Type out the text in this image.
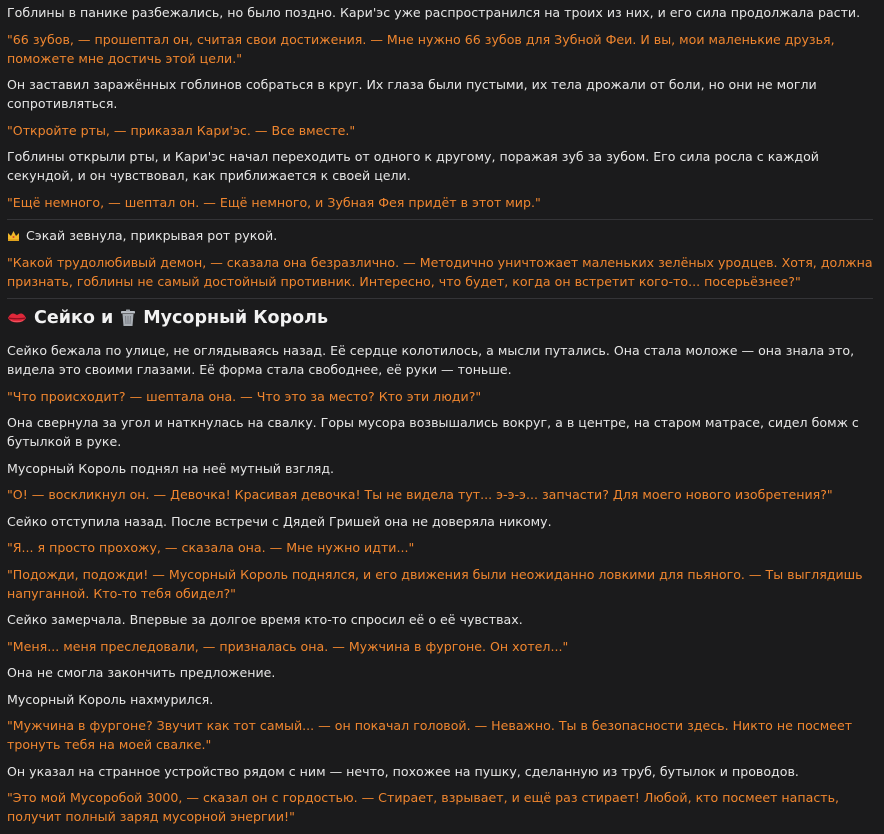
Гоблины в панике разбежались, но было поздно. Кари'эс уже распространился на троих из них, и его сила продолжала расти.

"66 зубов, — прошептал он, считая свои достижения. — Мне нужно 66 зубов для Зубной Феи. И вы, мои маленькие друзья, поможете мне достичь этой цели."

Он заставил заражённых гоблинов собраться в круг. Их глаза были пустыми, их тела дрожали от боли, но они не могли сопротивляться.

"Откройте рты, — приказал Кари'эс. — Все вместе."

Гоблины открыли рты, и Кари'эс начал переходить от одного к другому, поражая зуб за зубом. Его сила росла с каждой секундой, и он чувствовал, как приближается к своей цели.

"Ещё немного, — шептал он. — Ещё немного, и Зубная Фея придёт в этот мир."

Сэкай зевнула, прикрывая рот рукой.

"Какой трудолюбивый демон, — сказала она безразлично. — Методично уничтожает маленьких зелёных уродцев. Хотя, должна признать, гоблины не самый достойный противник. Интересно, что будет, когда он встретит кого-то... посерьёзнее?"

Сейко и Мусорный Король

Сейко бежала по улице, не оглядываясь назад. Её сердце колотилось, а мысли путались. Она стала моложе — она знала это, видела это своими глазами. Её форма стала свободнее, её руки — тоньше.

"Что происходит? — шептала она. — Что это за место? Кто эти люди?"

Она свернула за угол и наткнулась на свалку. Горы мусора возвышались вокруг, а в центре, на старом матрасе, сидел бомж с бутылкой в руке.

Мусорный Король поднял на неё мутный взгляд.

"О! — воскликнул он. — Девочка! Красивая девочка! Ты не видела тут... э-э-э... запчасти? Для моего нового изобретения?"

Сейко отступила назад. После встречи с Дядей Гришей она не доверяла никому.

"Я... я просто прохожу, — сказала она. — Мне нужно идти..."

"Подожди, подожди! — Мусорный Король поднялся, и его движения были неожиданно ловкими для пьяного. — Ты выглядишь напуганной. Кто-то тебя обидел?"

Сейко замерчала. Впервые за долгое время кто-то спросил её о её чувствах.

"Меня... меня преследовали, — призналась она. — Мужчина в фургоне. Он хотел..."

Она не смогла закончить предложение.

Мусорный Король нахмурился.

"Мужчина в фургоне? Звучит как тот самый... — он покачал головой. — Неважно. Ты в безопасности здесь. Никто не посмеет тронуть тебя на моей свалке."

Он указал на странное устройство рядом с ним — нечто, похожее на пушку, сделанную из труб, бутылок и проводов.

"Это мой Мусоробой 3000, — сказал он с гордостью. — Стирает, взрывает, и ещё раз стирает! Любой, кто посмеет напасть, получит полный заряд мусорной энергии!"
